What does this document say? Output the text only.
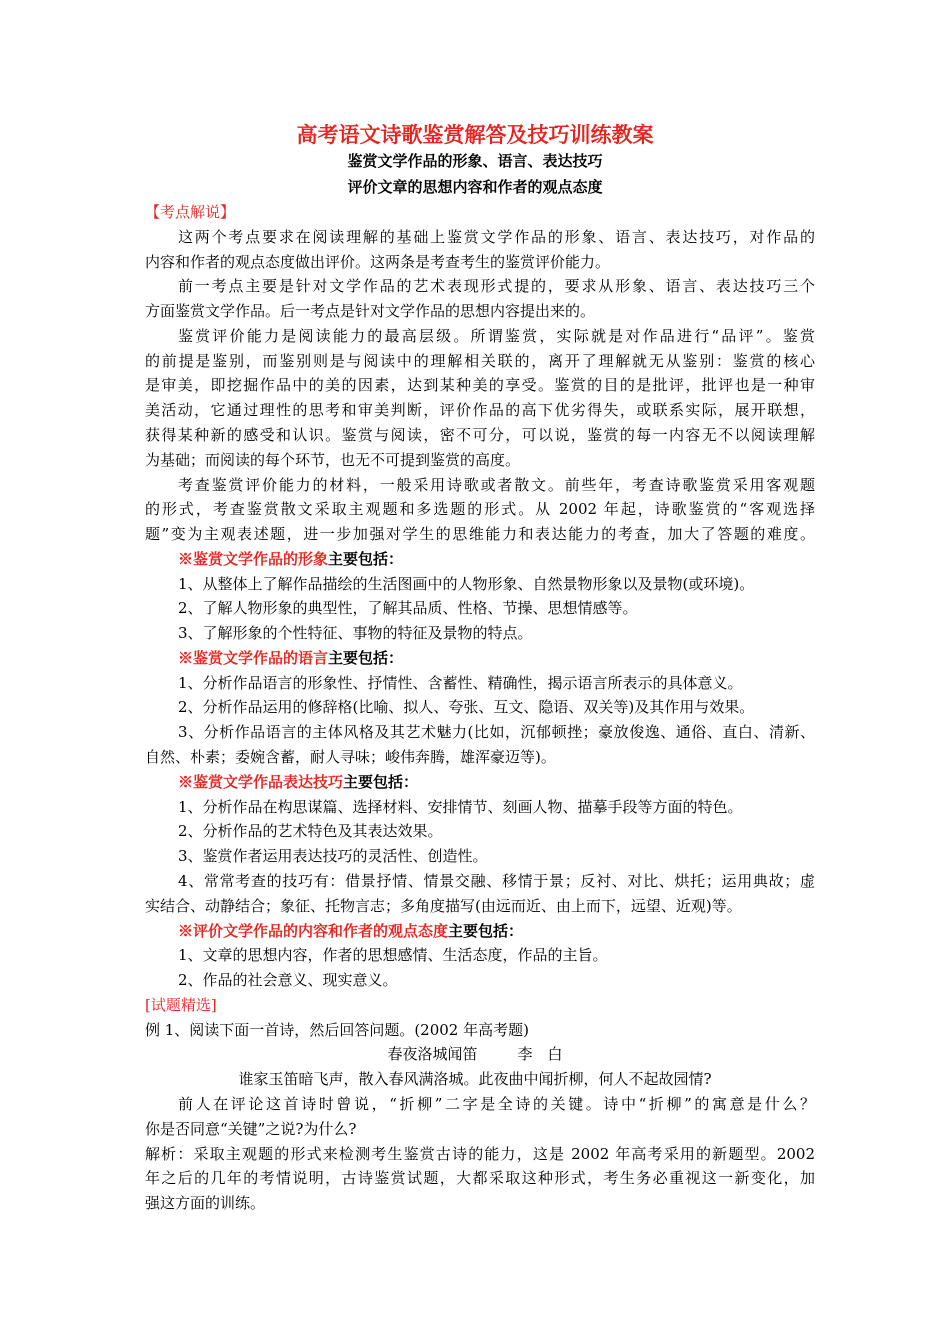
高考语文诗歌鉴赏解答及技巧训练教案
鉴赏文学作品的形象、语言、表达技巧
评价文章的思想内容和作者的观点态度
【考点解说】
这两个考点要求在阅读理解的基础上鉴赏文学作品的形象、语言、表达技巧，对作品的
内容和作者的观点态度做出评价。这两条是考查考生的鉴赏评价能力。
前一考点主要是针对文学作品的艺术表现形式提的，要求从形象、语言、表达技巧三个
方面鉴赏文学作品。后一考点是针对文学作品的思想内容提出来的。
鉴赏评价能力是阅读能力的最高层级。所谓鉴赏，实际就是对作品进行“品评”。鉴赏
的前提是鉴别，而鉴别则是与阅读中的理解相关联的，离开了理解就无从鉴别：鉴赏的核心
是审美，即挖掘作品中的美的因素，达到某种美的享受。鉴赏的目的是批评，批评也是一种审
美活动，它通过理性的思考和审美判断，评价作品的高下优劣得失，或联系实际，展开联想，
获得某种新的感受和认识。鉴赏与阅读，密不可分，可以说，鉴赏的每一内容无不以阅读理解
为基础；而阅读的每个环节，也无不可提到鉴赏的高度。
考查鉴赏评价能力的材料，一般采用诗歌或者散文。前些年，考查诗歌鉴赏采用客观题
的形式，考查鉴赏散文采取主观题和多选题的形式。从 2002 年起，诗歌鉴赏的“客观选择
题”变为主观表述题，进一步加强对学生的思维能力和表达能力的考查，加大了答题的难度。
※鉴赏文学作品的形象主要包括：
1、从整体上了解作品描绘的生活图画中的人物形象、自然景物形象以及景物(或环境)。
2、了解人物形象的典型性，了解其品质、性格、节操、思想情感等。
3、了解形象的个性特征、事物的特征及景物的特点。
※鉴赏文学作品的语言主要包括：
1、分析作品语言的形象性、抒情性、含蓄性、精确性，揭示语言所表示的具体意义。
2、分析作品运用的修辞格(比喻、拟人、夸张、互文、隐语、双关等)及其作用与效果。
3、分析作品语言的主体风格及其艺术魅力(比如，沉郁顿挫；豪放俊逸、通俗、直白、清新、
自然、朴素；委婉含蓄，耐人寻味；峻伟奔腾，雄浑豪迈等)。
※鉴赏文学作品表达技巧主要包括：
1、分析作品在构思谋篇、选择材料、安排情节、刻画人物、描摹手段等方面的特色。
2、分析作品的艺术特色及其表达效果。
3、鉴赏作者运用表达技巧的灵活性、创造性。
4、常常考查的技巧有：借景抒情、情景交融、移情于景；反衬、对比、烘托；运用典故；虚
实结合、动静结合；象征、托物言志；多角度描写(由远而近、由上而下，远望、近观)等。
※评价文学作品的内容和作者的观点态度主要包括：
1、文章的思想内容，作者的思想感情、生活态度，作品的主旨。
2、作品的社会意义、现实意义。
[试题精选]
例 1、阅读下面一首诗，然后回答问题。(2002 年高考题)
春夜洛城闻笛	李　白
谁家玉笛暗飞声，散入春风满洛城。此夜曲中闻折柳，何人不起故园情?
前人在评论这首诗时曾说，“折柳”二字是全诗的关键。诗中“折柳”的寓意是什么？
你是否同意“关键”之说?为什么?
解析：采取主观题的形式来检测考生鉴赏古诗的能力，这是 2002 年高考采用的新题型。2002
年之后的几年的考情说明，古诗鉴赏试题，大都采取这种形式，考生务必重视这一新变化，加
强这方面的训练。
